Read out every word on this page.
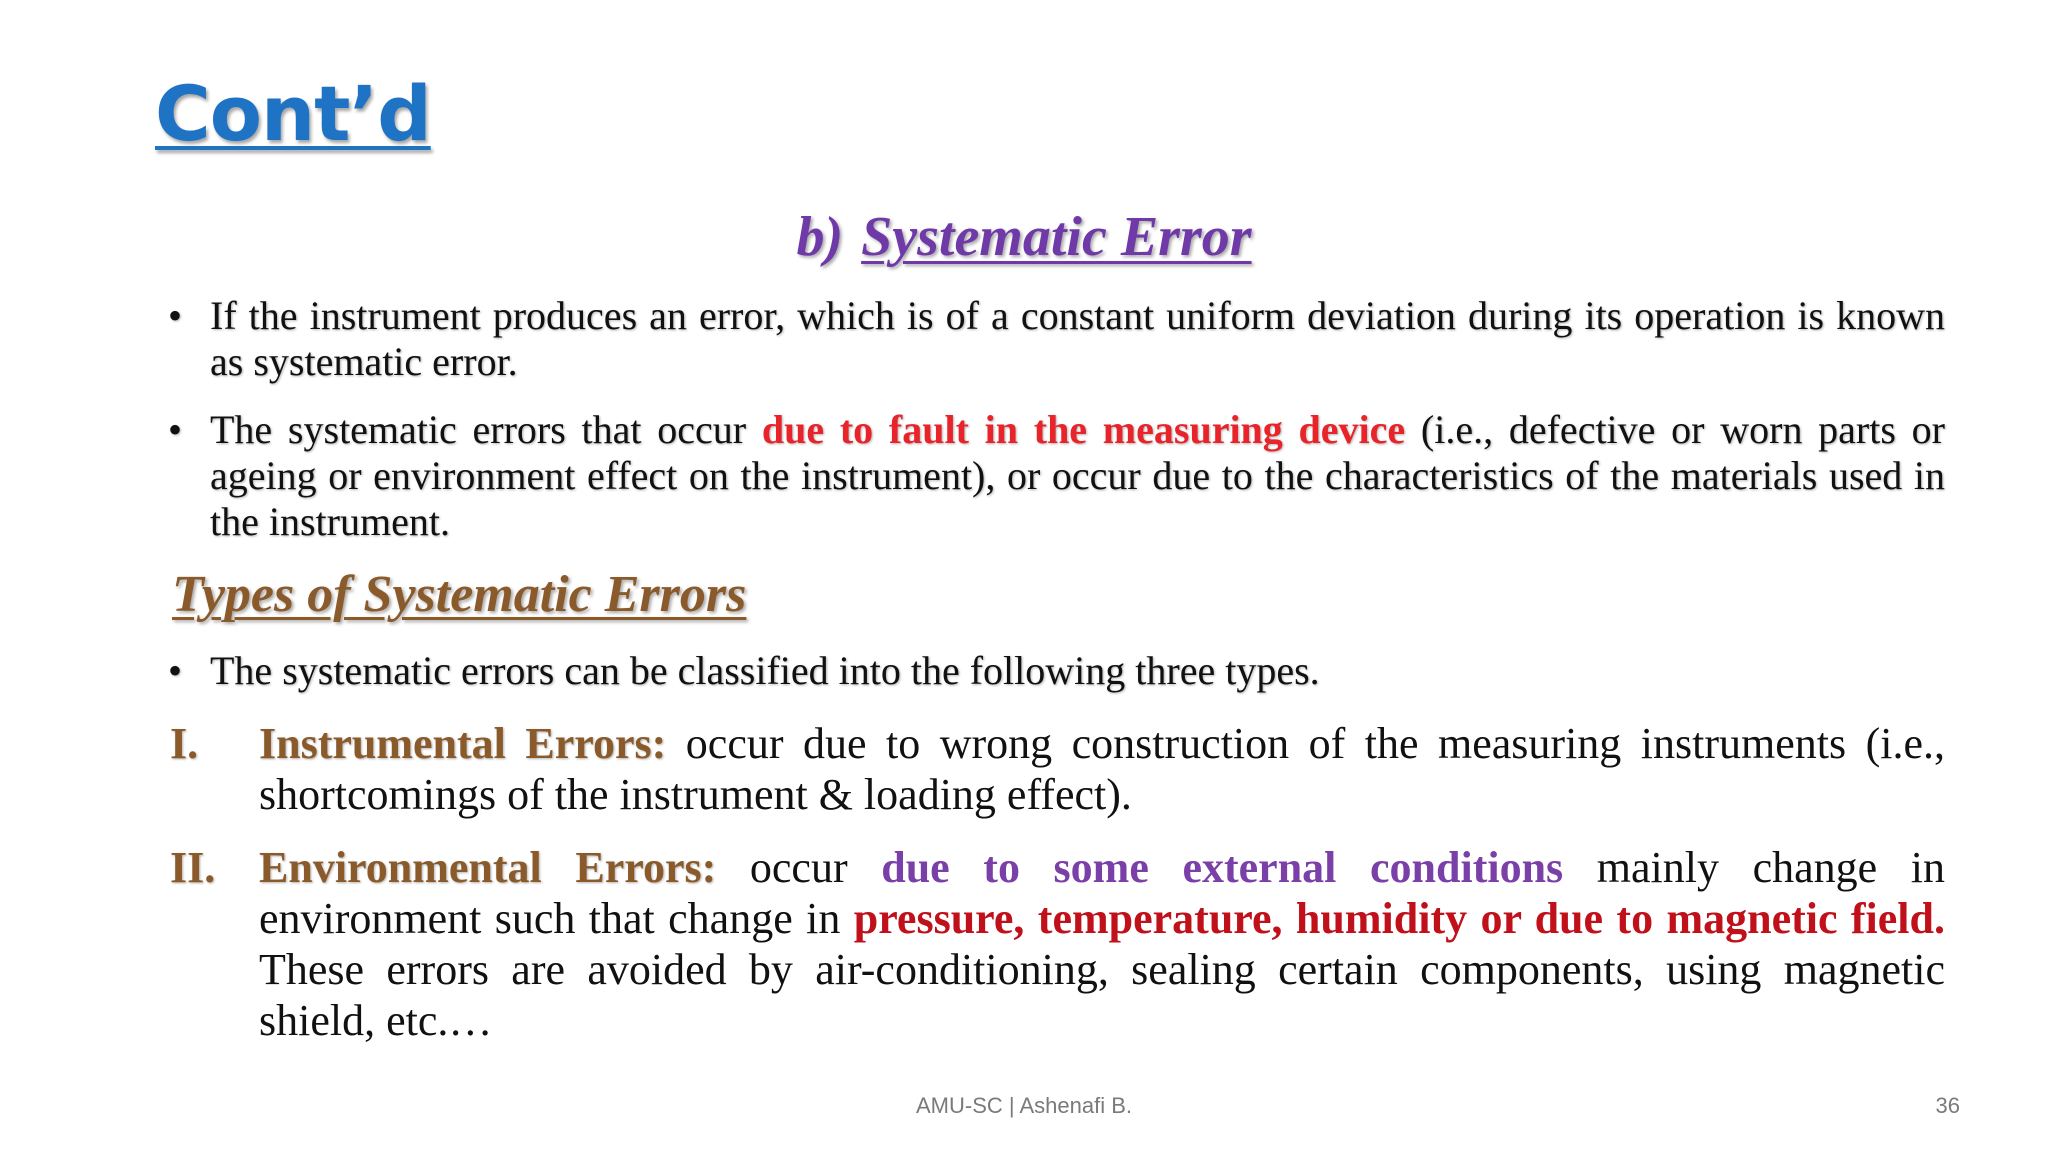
Cont’d
b) Systematic Error
• If the instrument produces an error, which is of a constant uniform deviation during its operation is known as systematic error.
• The systematic errors that occur due to fault in the measuring device (i.e., defective or worn parts or ageing or environment effect on the instrument), or occur due to the characteristics of the materials used in the instrument.
Types of Systematic Errors
• The systematic errors can be classified into the following three types.
I. Instrumental Errors: occur due to wrong construction of the measuring instruments (i.e., shortcomings of the instrument & loading effect).
II. Environmental Errors: occur due to some external conditions mainly change in environment such that change in pressure, temperature, humidity or due to magnetic field. These errors are avoided by air-conditioning, sealing certain components, using magnetic shield, etc.…
AMU-SC | Ashenafi B.	36
